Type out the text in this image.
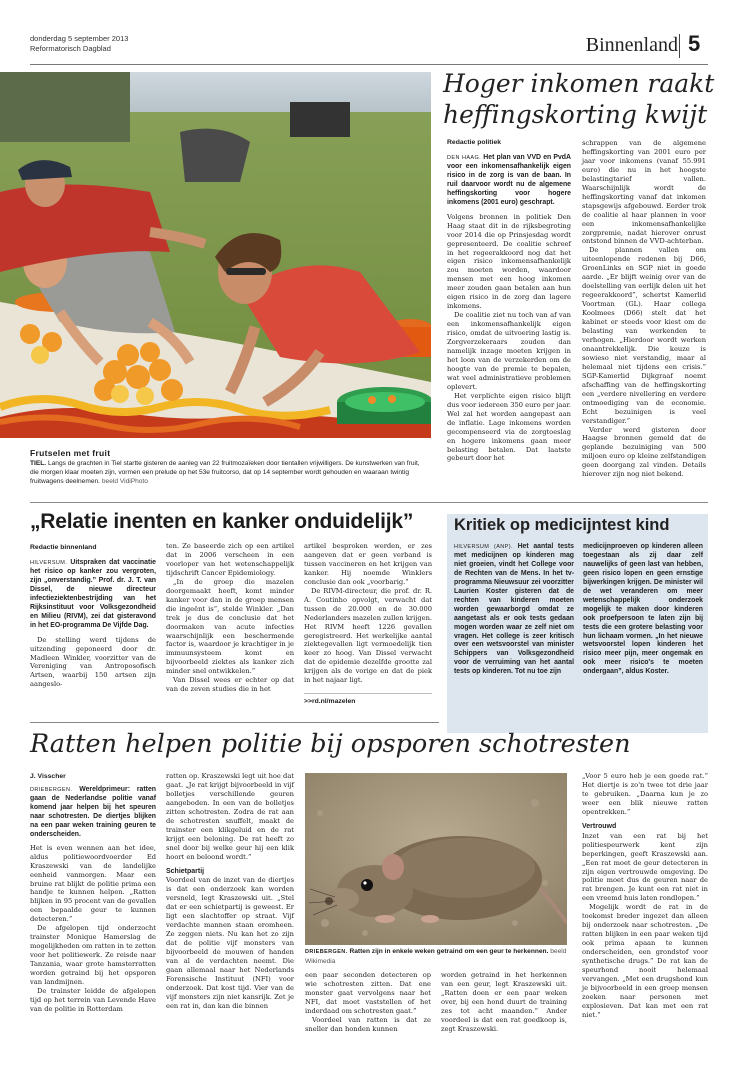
donderdag 5 september 2013
Reformatorisch Dagblad	Binnenland 5
Frutselen met fruit
TIEL. Langs de grachten in Tiel startte gisteren de aanleg van 22 fruitmozaïeken door tientallen vrijwilligers. De kunstwerken van fruit, die morgen klaar moeten zijn, vormen een prelude op het 53e fruitcorso, dat op 14 september wordt gehouden en waaraan twintig fruitwagens deelnemen. beeld VidiPhoto
Hoger inkomen raakt
heffingskorting kwijt
Redactie politiek

DEN HAAG. Het plan van VVD en PvdA voor een inkomensafhankelijk eigen risico in de zorg is van de baan. In ruil daarvoor wordt nu de algemene heffingskorting voor hogere inkomens (2001 euro) geschrapt.

Volgens bronnen in politiek Den Haag staat dit in de rijksbegroting voor 2014 die op Prinsjesdag wordt gepresenteerd. De coalitie schreef in het regeerakkoord nog dat het eigen risico inkomensafhankelijk zou moeten worden, waardoor mensen met een hoog inkomen meer zouden gaan betalen aan hun eigen risico in de zorg dan lagere inkomens.

De coalitie ziet nu toch van af van een inkomensafhankelijk eigen risico, omdat de uitvoering lastig is. Zorgverzekeraars zouden dan namelijk inzage moeten krijgen in het loon van de verzekerden om de hoogte van de premie te bepalen, wat veel administratieve problemen oplevert.

Het verplichte eigen risico blijft dus voor iedereen 350 euro per jaar. Wel zal het worden aangepast aan de inflatie. Lage inkomens worden gecompenseerd via de zorgtoeslag en hogere inkomens gaan meer belasting betalen. Dat laatste gebeurt door het

schrappen van de algemene heffingskorting van 2001 euro per jaar voor inkomens (vanaf 55.991 euro) die nu in het hoogste belastingtarief vallen. Waarschijnlijk wordt de heffingskorting vanaf dat inkomen stapsgewijs afgebouwd. Eerder trok de coalitie al haar plannen in voor een inkomensafhankelijke zorgpremie, nadat hierover onrust ontstond binnen de VVD-achterban.

De plannen vallen om uiteenlopende redenen bij D66, GroenLinks en SGP niet in goede aarde. „Er blijft weinig over van de doelstelling van eerlijk delen uit het regeerakkoord”, schertst Kamerlid Voortman (GL). Haar collega Koolmees (D66) stelt dat het kabinet er steeds voor kiest om de belasting van werkenden te verhogen. „Hierdoor wordt werken onaantrekkelijk. Die keuze is sowieso niet verstandig, maar al helemaal niet tijdens een crisis.” SGP-Kamerlid Dijkgraaf noemt afschaffing van de heffingskorting een „verdere nivellering en verdere ontmoediging van de economie. Echt bezuinigen is veel verstandiger.”

Verder werd gisteren door Haagse bronnen gemeld dat de geplande bezuiniging van 500 miljoen euro op kleine zelfstandigen geen doorgang zal vinden. Details hierover zijn nog niet bekend.

„Relatie inenten en kanker onduidelijk”
Redactie binnenland

HILVERSUM. Uitspraken dat vaccinatie het risico op kanker zou vergroten, zijn „onverstandig.” Prof. dr. J. T. van Dissel, de nieuwe directeur infectieziektenbestrijding van het Rijksinstituut voor Volksgezondheid en Milieu (RIVM), zei dat gisteravond in het EO-programma De Vijfde Dag.

De stelling werd tijdens de uitzending geponeerd door dr. Madleen Winkler, voorzitter van de Vereniging van Antroposofisch Artsen, waarbij 150 artsen zijn aangeslo-

ten. Ze baseerde zich op een artikel dat in 2006 verscheen in een voorloper van het wetenschappelijk tijdschrift Cancer Epidemiology.

„In de groep die mazelen doorgemaakt heeft, komt minder kanker voor dan in de groep mensen die ingeënt is”, stelde Winkler. „Dan trek je dus de conclusie dat het doormaken van acute infecties waarschijnlijk een beschermende factor is, waardoor je krachtiger in je immuunsysteem komt en bijvoorbeeld ziektes als kanker zich minder snel ontwikkelen.”

Van Dissel wees er echter op dat van de zeven studies die in het

artikel besproken werden, er zes aangeven dat er geen verband is tussen vaccineren en het krijgen van kanker. Hij noemde Winklers conclusie dan ook „voorbarig.”

De RIVM-directeur, die prof. dr. R. A. Coutinho opvolgt, verwacht dat tussen de 20.000 en de 30.000 Nederlanders mazelen zullen krijgen. Het RIVM heeft 1226 gevallen geregistreerd. Het werkelijke aantal ziektegevallen ligt vermoedelijk tien keer zo hoog. Van Dissel verwacht dat de epidemie dezelfde grootte zal krijgen als de vorige en dat de piek in het najaar ligt.

>>rd.nl/mazelen
Kritiek op medicijntest kind
HILVERSUM (ANP). Het aantal tests met medicijnen op kinderen mag niet groeien, vindt het College voor de Rechten van de Mens. In het tv-programma Nieuwsuur zei voorzitter Laurien Koster gisteren dat de rechten van kinderen moeten worden gewaarborgd omdat ze aangetast als er ook tests gedaan mogen worden waar ze zelf niet om vragen. Het college is zeer kritisch over een wetsvoorstel van minister Schippers van Volksgezondheid voor de verruiming van het aantal tests op kinderen. Tot nu toe zijn
medicijnproeven op kinderen alleen toegestaan als zij daar zelf nauwelijks of geen last van hebben, geen risico lopen en geen ernstige bijwerkingen krijgen. De minister wil de wet veranderen om meer wetenschappelijk onderzoek mogelijk te maken door kinderen ook proefpersoon te laten zijn bij tests die een grotere belasting voor hun lichaam vormen. „In het nieuwe wetsvoorstel lopen kinderen het risico meer pijn, meer ongemak en ook meer risico's te moeten ondergaan”, aldus Koster.
Ratten helpen politie bij opsporen schotresten
J. Visscher

DRIEBERGEN. Wereldprimeur: ratten gaan de Nederlandse politie vanaf komend jaar helpen bij het speuren naar schotresten. De diertjes blijken na een paar weken training geuren te onderscheiden.

Het is even wennen aan het idee, aldus politiewoordvoerder Ed Kraszewski van de landelijke eenheid vanmorgen. Maar een bruine rat blijkt de politie prima een handje te kunnen helpen. „Ratten blijken in 95 procent van de gevallen een bepaalde geur te kunnen detecteren.”

De afgelopen tijd onderzocht trainster Monique Hamerslag de mogelijkheden om ratten in te zetten voor het politiewerk. Ze reisde naar Tanzania, waar grote hamsterratten worden getraind bij het opsporen van landmijnen.

De trainster leidde de afgelopen tijd op het terrein van Levende Have van de politie in Rotterdam

ratten op. Kraszewski legt uit hoe dat gaat. „Je rat krijgt bijvoorbeeld in vijf bolletjes verschillende geuren aangeboden. In een van de bolletjes zitten schotresten. Zodra de rat aan de schotresten snuffelt, maakt de trainster een klikgeluid en de rat krijgt een beloning. De rat heeft zo snel door bij welke geur hij een klik hoort en beloond wordt.”

Schietpartij

Voordeel van de inzet van de diertjes is dat een onderzoek kan worden versneld, legt Kraszewski uit. „Stel dat er een schietpartij is geweest. Er ligt een slachtoffer op straat. Vijf verdachte mannen staan eromheen. Ze zeggen niets. Nu kan het zo zijn dat de politie vijf monsters van bijvoorbeeld de mouwen of handen van al de verdachten neemt. Die gaan allemaal naar het Nederlands Forensische Instituut (NFI) voor onderzoek. Dat kost tijd. Vier van de vijf monsters zijn niet kansrijk. Zet je een rat in, dan kan die binnen

DRIEBERGEN. Ratten zijn in enkele weken getraind om een geur te herkennen. beeld Wikimedia

een paar seconden detecteren op wie schotresten zitten. Dat ene monster gaat vervolgens naar het NFI, dat moet vaststellen of het inderdaad om schotresten gaat.”

Voordeel van ratten is dat ze sneller dan honden kunnen

worden getraind in het herkennen van een geur, legt Kraszewski uit. „Ratten doen er een paar weken over, bij een hond duurt de training zes tot acht maanden.” Ander voordeel is dat een rat goedkoop is, zegt Kraszewski.

„Voor 5 euro heb je een goede rat.” Het diertje is zo'n twee tot drie jaar te gebruiken. „Daarna kun je zo weer een blik nieuwe ratten opentrekken.”

Vertrouwd

Inzet van een rat bij het politiespeurwerk kent zijn beperkingen, geeft Kraszewski aan. „Een rat moet de geur detecteren in zijn eigen vertrouwde omgeving. De politie moet dus de geuren naar de rat brengen. Je kunt een rat niet in een vreemd huis laten rondlopen.”

Mogelijk wordt de rat in de toekomst breder ingezet dan alleen bij onderzoek naar schotresten. „De ratten blijken in een paar weken tijd ook prima apaan te kunnen onderscheiden, een grondstof voor synthetische drugs.” De rat kan de speurhond nooit helemaal vervangen. „Met een drugshond kun je bijvoorbeeld in een groep mensen zoeken naar personen met explosieven. Dat kan met een rat niet.”
